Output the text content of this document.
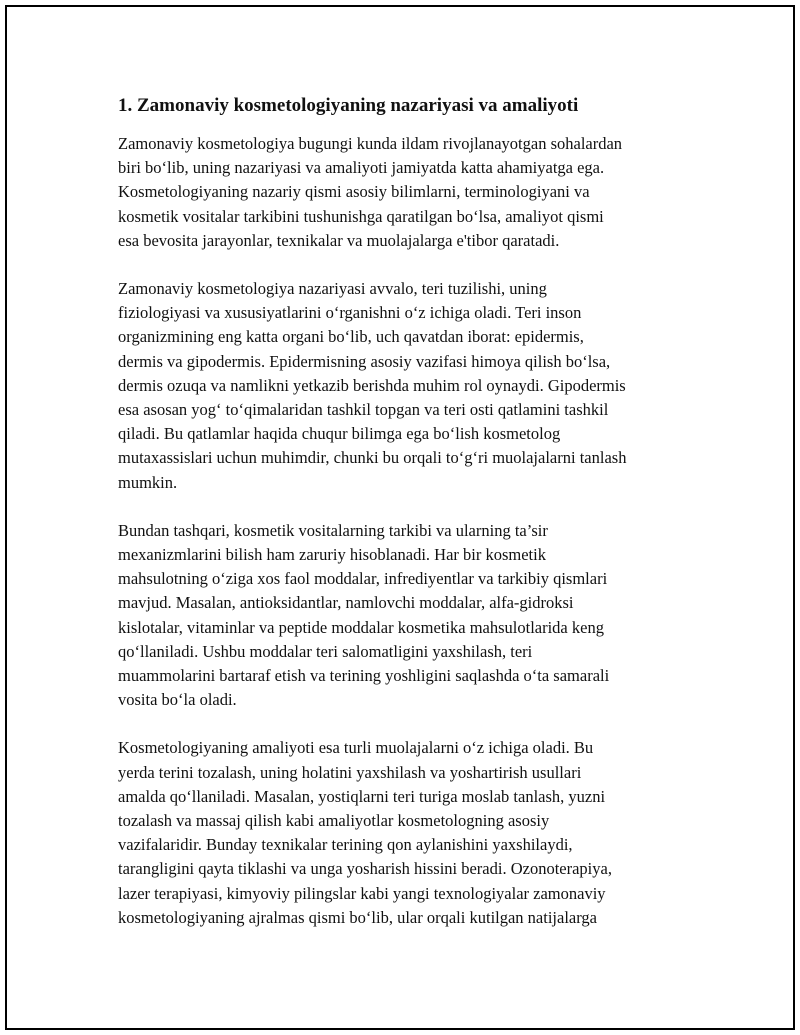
1. Zamonaviy kosmetologiyaning nazariyasi va amaliyoti
Zamonaviy kosmetologiya bugungi kunda ildam rivojlanayotgan sohalardan
biri bo‘lib, uning nazariyasi va amaliyoti jamiyatda katta ahamiyatga ega.
Kosmetologiyaning nazariy qismi asosiy bilimlarni, terminologiyani va
kosmetik vositalar tarkibini tushunishga qaratilgan bo‘lsa, amaliyot qismi
esa bevosita jarayonlar, texnikalar va muolajalarga e'tibor qaratadi.
Zamonaviy kosmetologiya nazariyasi avvalo, teri tuzilishi, uning
fiziologiyasi va xususiyatlarini o‘rganishni o‘z ichiga oladi. Teri inson
organizmining eng katta organi bo‘lib, uch qavatdan iborat: epidermis,
dermis va gipodermis. Epidermisning asosiy vazifasi himoya qilish bo‘lsa,
dermis ozuqa va namlikni yetkazib berishda muhim rol oynaydi. Gipodermis
esa asosan yog‘ to‘qimalaridan tashkil topgan va teri osti qatlamini tashkil
qiladi. Bu qatlamlar haqida chuqur bilimga ega bo‘lish kosmetolog
mutaxassislari uchun muhimdir, chunki bu orqali to‘g‘ri muolajalarni tanlash
mumkin.
Bundan tashqari, kosmetik vositalarning tarkibi va ularning ta’sir
mexanizmlarini bilish ham zaruriy hisoblanadi. Har bir kosmetik
mahsulotning o‘ziga xos faol moddalar, infrediyentlar va tarkibiy qismlari
mavjud. Masalan, antioksidantlar, namlovchi moddalar, alfa-gidroksi
kislotalar, vitaminlar va peptide moddalar kosmetika mahsulotlarida keng
qo‘llaniladi. Ushbu moddalar teri salomatligini yaxshilash, teri
muammolarini bartaraf etish va terining yoshligini saqlashda o‘ta samarali
vosita bo‘la oladi.
Kosmetologiyaning amaliyoti esa turli muolajalarni o‘z ichiga oladi. Bu
yerda terini tozalash, uning holatini yaxshilash va yoshartirish usullari
amalda qo‘llaniladi. Masalan, yostiqlarni teri turiga moslab tanlash, yuzni
tozalash va massaj qilish kabi amaliyotlar kosmetologning asosiy
vazifalaridir. Bunday texnikalar terining qon aylanishini yaxshilaydi,
tarangligini qayta tiklashi va unga yosharish hissini beradi. Ozonoterapiya,
lazer terapiyasi, kimyoviy pilingslar kabi yangi texnologiyalar zamonaviy
kosmetologiyaning ajralmas qismi bo‘lib, ular orqali kutilgan natijalarga
